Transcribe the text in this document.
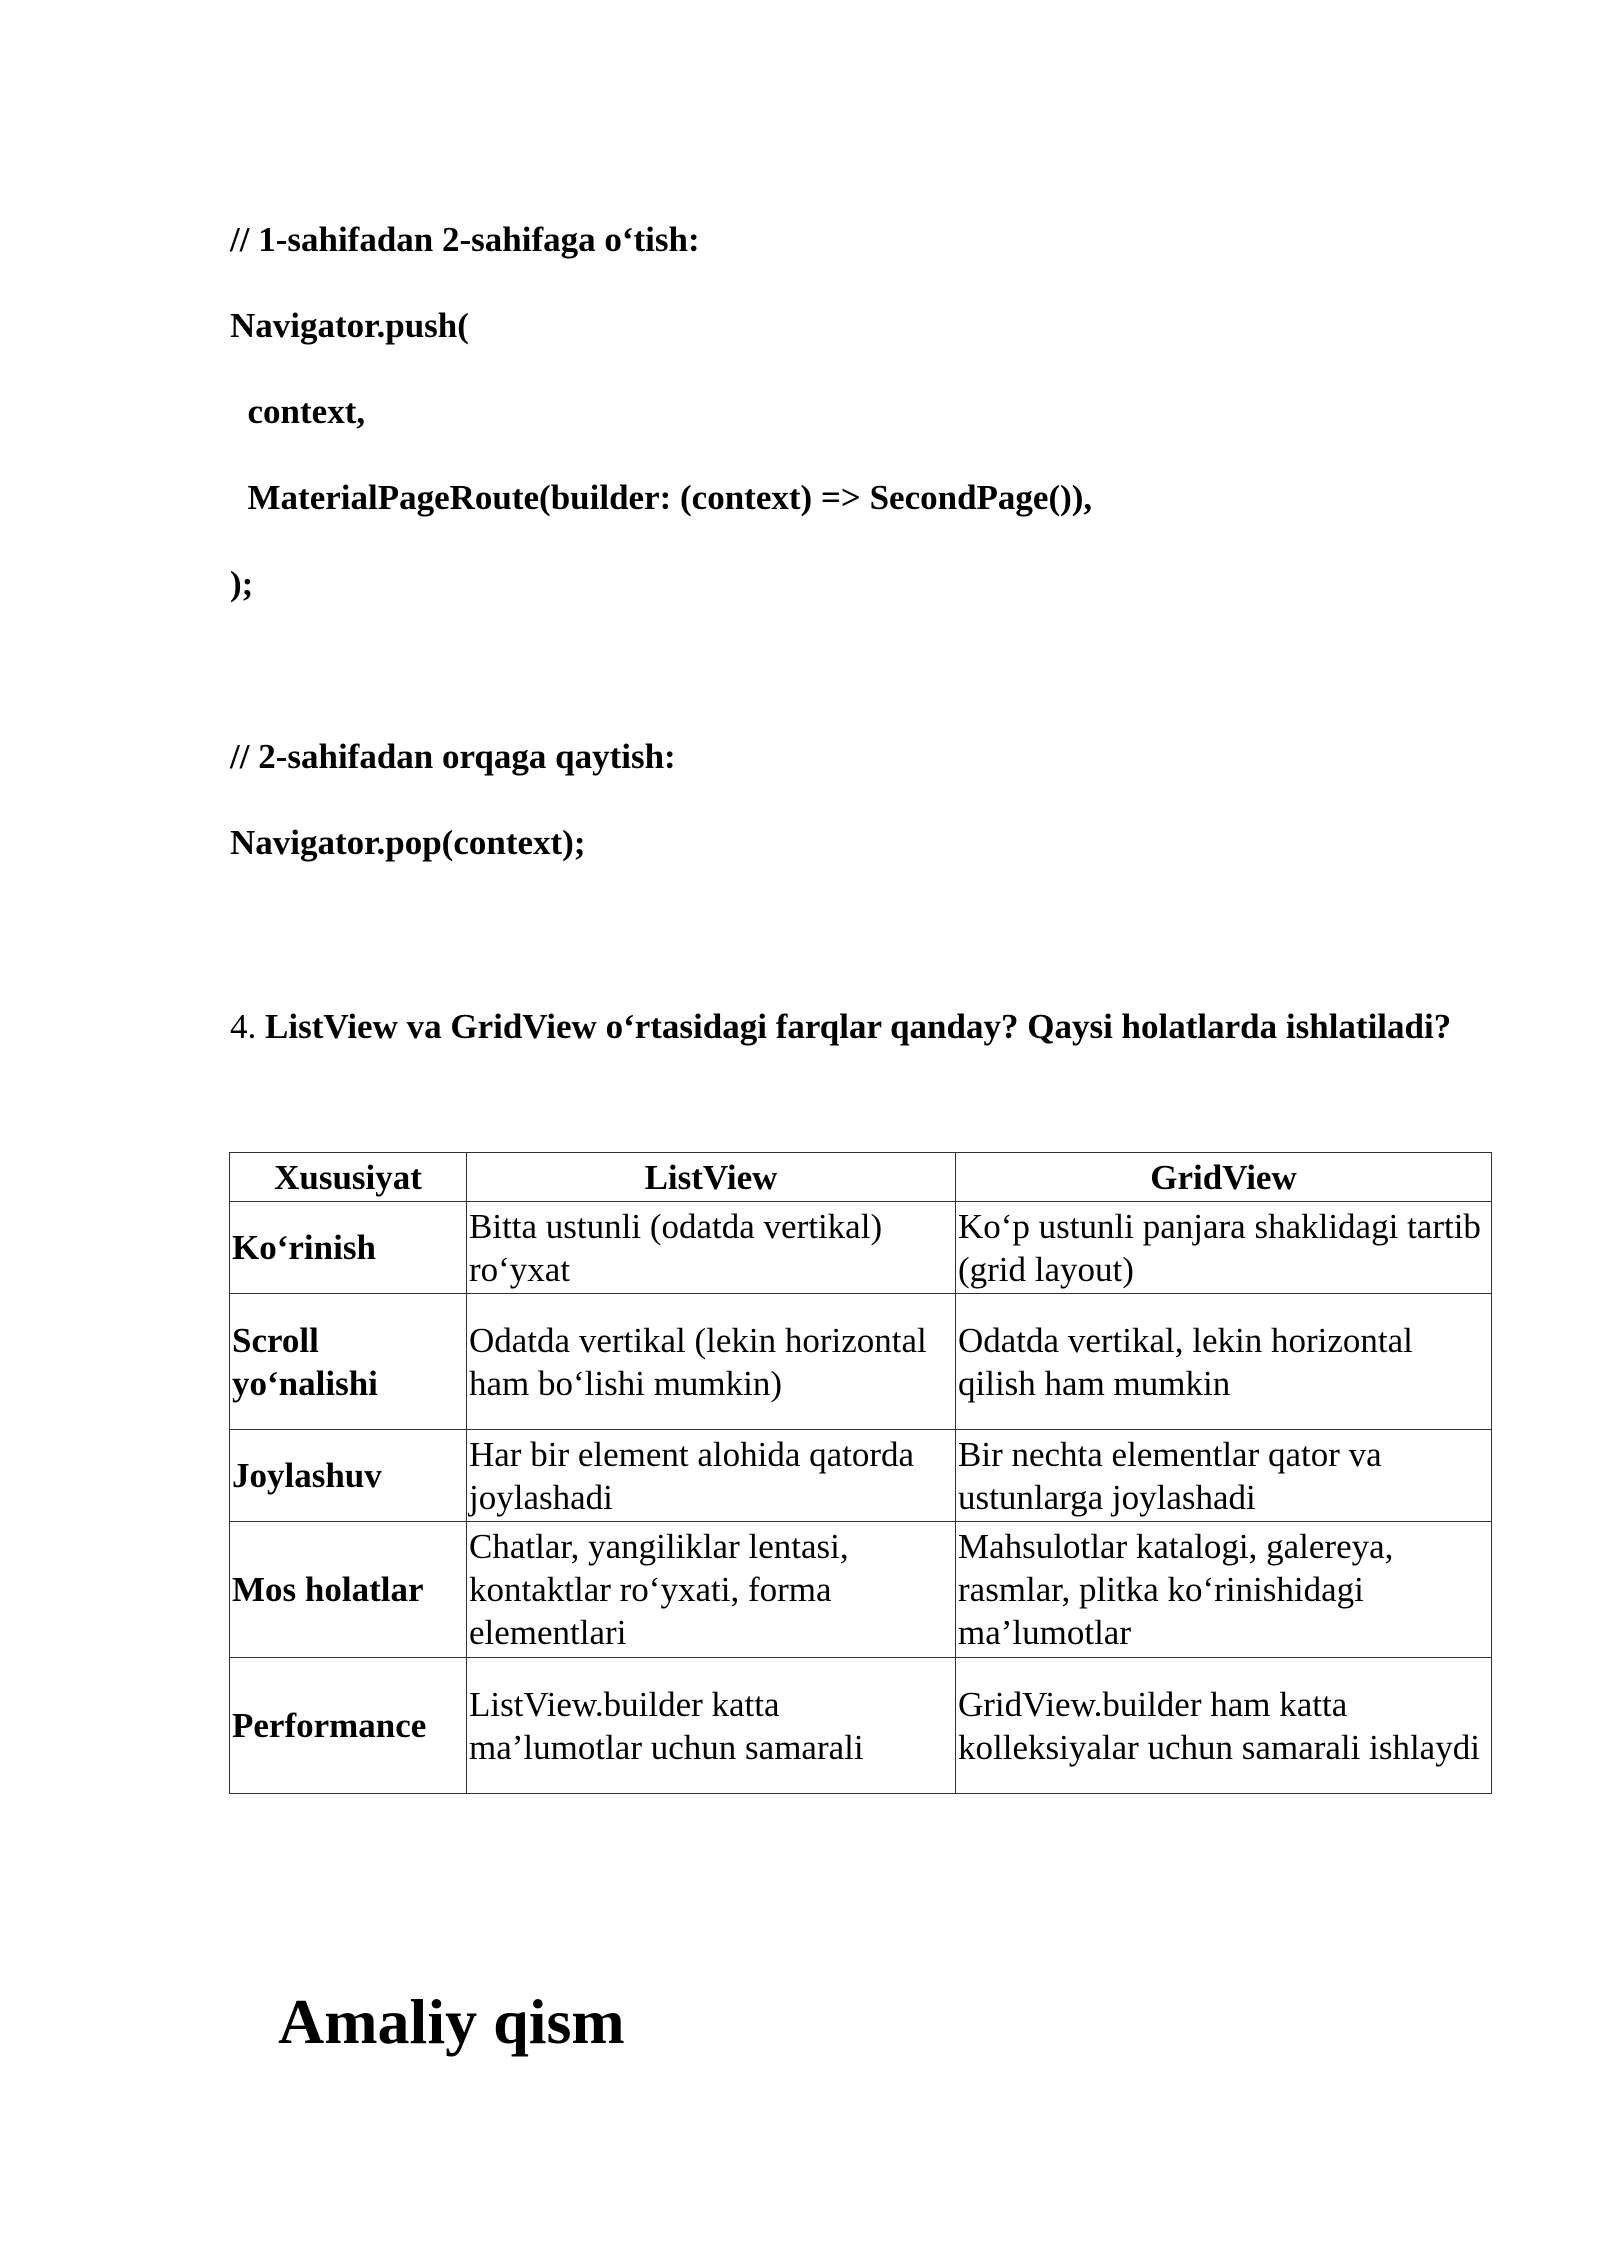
// 1-sahifadan 2-sahifaga o‘tish:

Navigator.push(

context,

MaterialPageRoute(builder: (context) => SecondPage()),

);

// 2-sahifadan orqaga qaytish:

Navigator.pop(context);

4. ListView va GridView o‘rtasidagi farqlar qanday? Qaysi holatlarda ishlatiladi?

Xususiyat	ListView	GridView
Ko‘rinish	Bitta ustunli (odatda vertikal) ro‘yxat	Ko‘p ustunli panjara shaklidagi tartib (grid layout)
Scroll yo‘nalishi	Odatda vertikal (lekin horizontal ham bo‘lishi mumkin)	Odatda vertikal, lekin horizontal qilish ham mumkin
Joylashuv	Har bir element alohida qatorda joylashadi	Bir nechta elementlar qator va ustunlarga joylashadi
Mos holatlar	Chatlar, yangiliklar lentasi, kontaktlar ro‘yxati, forma elementlari	Mahsulotlar katalogi, galereya, rasmlar, plitka ko‘rinishidagi ma’lumotlar
Performance	ListView.builder katta ma’lumotlar uchun samarali	GridView.builder ham katta kolleksiyalar uchun samarali ishlaydi
Amaliy qism
